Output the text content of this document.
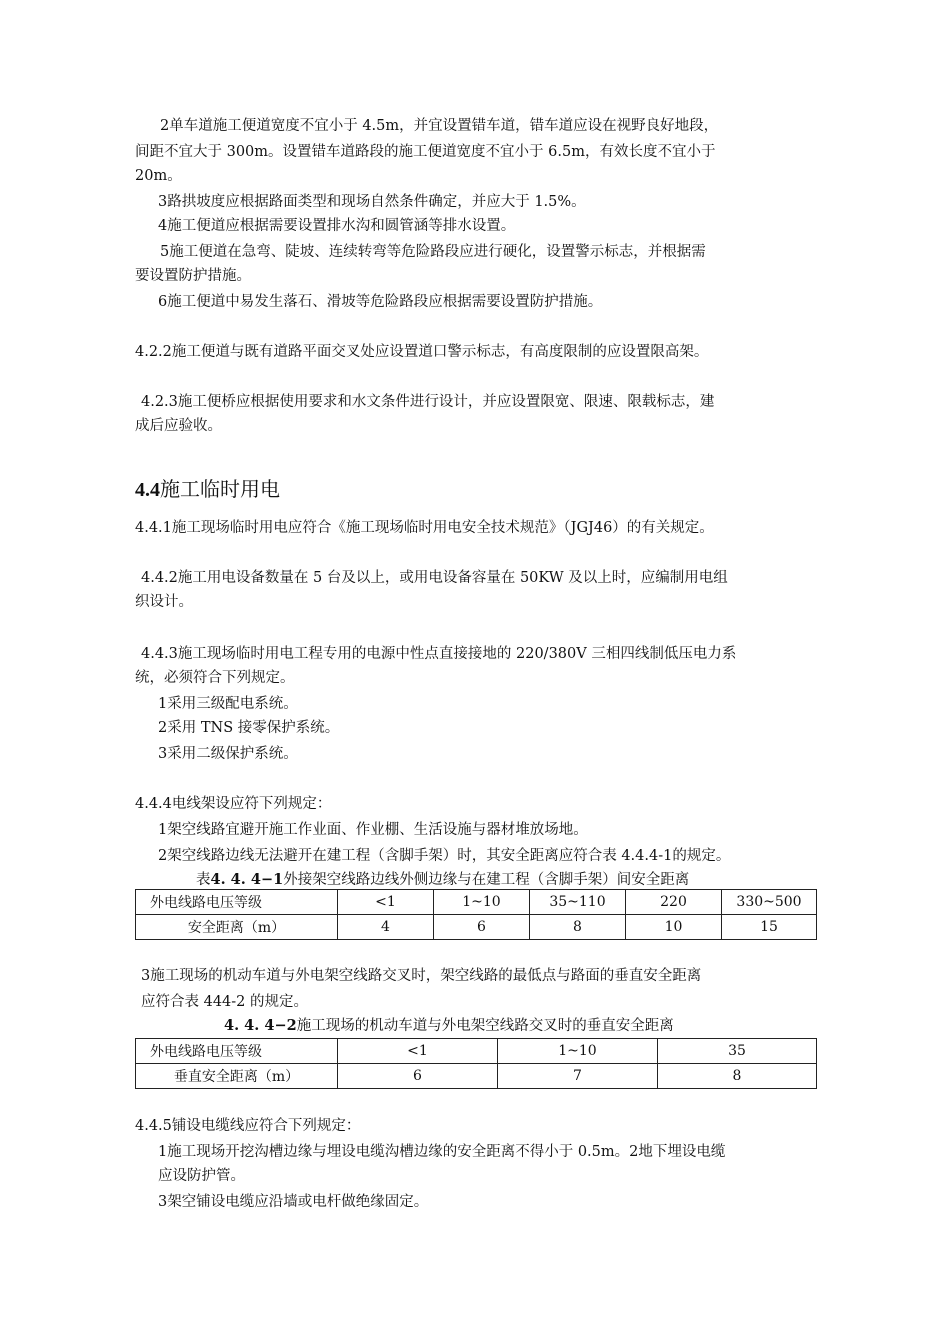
2单车道施工便道宽度不宜小于 4.5m，并宜设置错车道，错车道应设在视野良好地段，
间距不宜大于 300m。设置错车道路段的施工便道宽度不宜小于 6.5m，有效长度不宜小于
20m。
3路拱坡度应根据路面类型和现场自然条件确定，并应大于 1.5%。
4施工便道应根据需要设置排水沟和圆管涵等排水设置。
5施工便道在急弯、陡坡、连续转弯等危险路段应进行硬化，设置警示标志，并根据需
要设置防护措施。
6施工便道中易发生落石、滑坡等危险路段应根据需要设置防护措施。
4.2.2施工便道与既有道路平面交叉处应设置道口警示标志，有高度限制的应设置限高架。
4.2.3施工便桥应根据使用要求和水文条件进行设计，并应设置限宽、限速、限载标志，建
成后应验收。
4.4施工临时用电
4.4.1施工现场临时用电应符合《施工现场临时用电安全技术规范》（JGJ46）的有关规定。
4.4.2施工用电设备数量在 5 台及以上，或用电设备容量在 50KW 及以上时，应编制用电组
织设计。
4.4.3施工现场临时用电工程专用的电源中性点直接接地的 220/380V 三相四线制低压电力系
统，必须符合下列规定。
1采用三级配电系统。
2采用 TNS 接零保护系统。
3采用二级保护系统。
4.4.4电线架设应符下列规定：
1架空线路宜避开施工作业面、作业棚、生活设施与器材堆放场地。
2架空线路边线无法避开在建工程（含脚手架）时，其安全距离应符合表 4.4.4-1的规定。
表4. 4. 4−1外接架空线路边线外侧边缘与在建工程（含脚手架）间安全距离
外电线路电压等级	<1	1~10	35~110	220	330~500
安全距离（m）	4	6	8	10	15
3施工现场的机动车道与外电架空线路交叉时，架空线路的最低点与路面的垂直安全距离
应符合表 444-2 的规定。
4. 4. 4−2施工现场的机动车道与外电架空线路交叉时的垂直安全距离
外电线路电压等级	<1	1~10	35
垂直安全距离（m）	6	7	8
4.4.5铺设电缆线应符合下列规定：
1施工现场开挖沟槽边缘与埋设电缆沟槽边缘的安全距离不得小于 0.5m。2地下埋设电缆
应设防护管。
3架空铺设电缆应沿墙或电杆做绝缘固定。
